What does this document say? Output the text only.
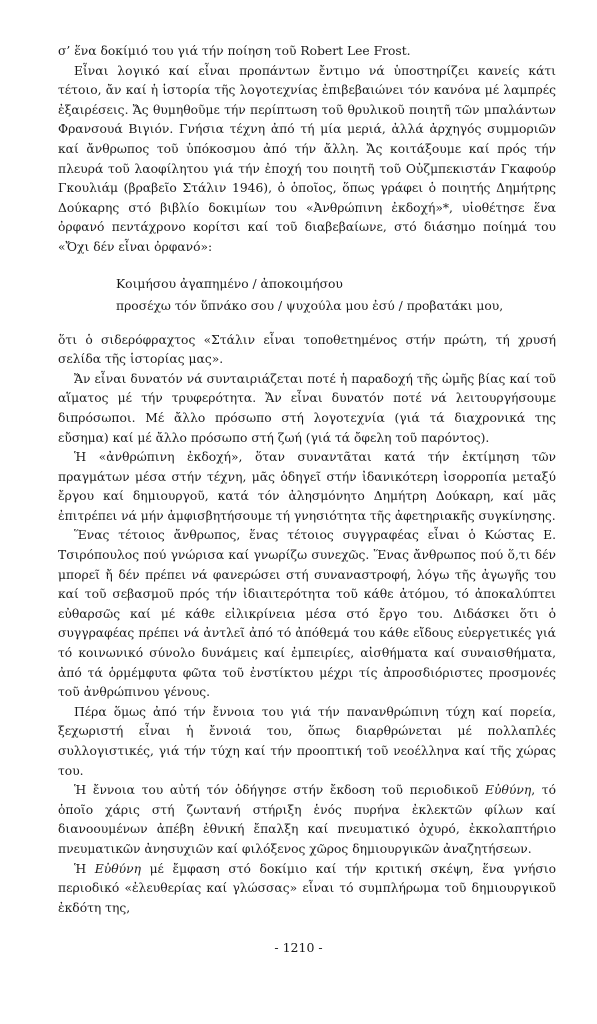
σ’ ἕνα δοκίμιό του γιά τήν ποίηση τοῦ Robert Lee Frost.

Εἶναι λογικό καί εἶναι προπάντων ἔντιμο νά ὑποστηρίζει κανείς κάτι τέτοιο, ἄν καί ἡ ἱστορία τῆς λογοτεχνίας ἐπιβεβαιώνει τόν κανόνα μέ λαμπρές ἐξαιρέσεις. Ἄς θυμηθοῦμε τήν περίπτωση τοῦ θρυλικοῦ ποιητῆ τῶν μπαλάντων Φρανσουά Βιγιόν. Γνήσια τέχνη ἀπό τή μία μεριά, ἀλλά ἀρχηγός συμμοριῶν καί ἄνθρωπος τοῦ ὑπόκοσμου ἀπό τήν ἄλλη. Ἄς κοιτάξουμε καί πρός τήν πλευρά τοῦ λαοφίλητου γιά τήν ἐποχή του ποιητῆ τοῦ Οὐζμπεκιστάν Γκαφούρ Γκουλιάμ (βραβεῖο Στάλιν 1946), ὁ ὁποῖος, ὅπως γράφει ὁ ποιητής Δημήτρης Δούκαρης στό βιβλίο δοκιμίων του «Ἀνθρώπινη ἐκδοχή»*, υἱοθέτησε ἕνα ὀρφανό πεντάχρονο κορίτσι καί τοῦ διαβεβαίωνε, στό διάσημο ποίημά του «Ὄχι δέν εἶναι ὀρφανό»:

Κοιμήσου ἀγαπημένο / ἀποκοιμήσου
προσέχω τόν ὕπνάκο σου / ψυχούλα μου ἐσύ / προβατάκι μου,

ὅτι ὁ σιδερόφραχτος «Στάλιν εἶναι τοποθετημένος στήν πρώτη, τή χρυσή σελίδα τῆς ἱστορίας μας».

Ἄν εἶναι δυνατόν νά συνταιριάζεται ποτέ ἡ παραδοχή τῆς ὠμῆς βίας καί τοῦ αἵματος μέ τήν τρυφερότητα. Ἄν εἶναι δυνατόν ποτέ νά λειτουργήσουμε διπρόσωποι. Μέ ἄλλο πρόσωπο στή λογοτεχνία (γιά τά διαχρονικά της εὔσημα) καί μέ ἄλλο πρόσωπο στή ζωή (γιά τά ὄφελη τοῦ παρόντος).

Ἡ «ἀνθρώπινη ἐκδοχή», ὅταν συναντᾶται κατά τήν ἐκτίμηση τῶν πραγμάτων μέσα στήν τέχνη, μᾶς ὁδηγεῖ στήν ἰδανικότερη ἰσορροπία μεταξύ ἔργου καί δημιουργοῦ, κατά τόν ἀλησμόνητο Δημήτρη Δούκαρη, καί μᾶς ἐπιτρέπει νά μήν ἀμφισβητήσουμε τή γνησιότητα τῆς ἀφετηριακῆς συγκίνησης.

Ἕνας τέτοιος ἄνθρωπος, ἕνας τέτοιος συγγραφέας εἶναι ὁ Κώστας Ε. Τσιρόπουλος πού γνώρισα καί γνωρίζω συνεχῶς. Ἕνας ἄνθρωπος πού ὅ,τι δέν μπορεῖ ἤ δέν πρέπει νά φανερώσει στή συναναστροφή, λόγω τῆς ἀγωγῆς του καί τοῦ σεβασμοῦ πρός τήν ἰδιαιτερότητα τοῦ κάθε ἀτόμου, τό ἀποκαλύπτει εὐθαρσῶς καί μέ κάθε εἰλικρίνεια μέσα στό ἔργο του. Διδάσκει ὅτι ὁ συγγραφέας πρέπει νά ἀντλεῖ ἀπό τό ἀπόθεμά του κάθε εἴδους εὐεργετικές γιά τό κοινωνικό σύνολο δυνάμεις καί ἐμπειρίες, αἰσθήματα καί συναισθήματα, ἀπό τά ὁρμέμφυτα φῶτα τοῦ ἐνστίκτου μέχρι τίς ἀπροσδιόριστες προσμονές τοῦ ἀνθρώπινου γένους.

Πέρα ὅμως ἀπό τήν ἔννοια του γιά τήν πανανθρώπινη τύχη καί πορεία, ξεχωριστή εἶναι ἡ ἔννοιά του, ὅπως διαρθρώνεται μέ πολλαπλές συλλογιστικές, γιά τήν τύχη καί τήν προοπτική τοῦ νεοέλληνα καί τῆς χώρας του.

Ἡ ἔννοια του αὐτή τόν ὁδήγησε στήν ἔκδοση τοῦ περιοδικοῦ Εὐθύνη, τό ὁποῖο χάρις στή ζωντανή στήριξη ἑνός πυρήνα ἐκλεκτῶν φίλων καί διανοουμένων ἀπέβη ἐθνική ἔπαλξη καί πνευματικό ὀχυρό, ἐκκολαπτήριο πνευματικῶν ἀνησυχιῶν καί φιλόξενος χῶρος δημιουργικῶν ἀναζητήσεων.

Ἡ Εὐθύνη μέ ἔμφαση στό δοκίμιο καί τήν κριτική σκέψη, ἕνα γνήσιο περιοδικό «ἐλευθερίας καί γλώσσας» εἶναι τό συμπλήρωμα τοῦ δημιουργικοῦ ἐκδότη της,

- 1210 -
